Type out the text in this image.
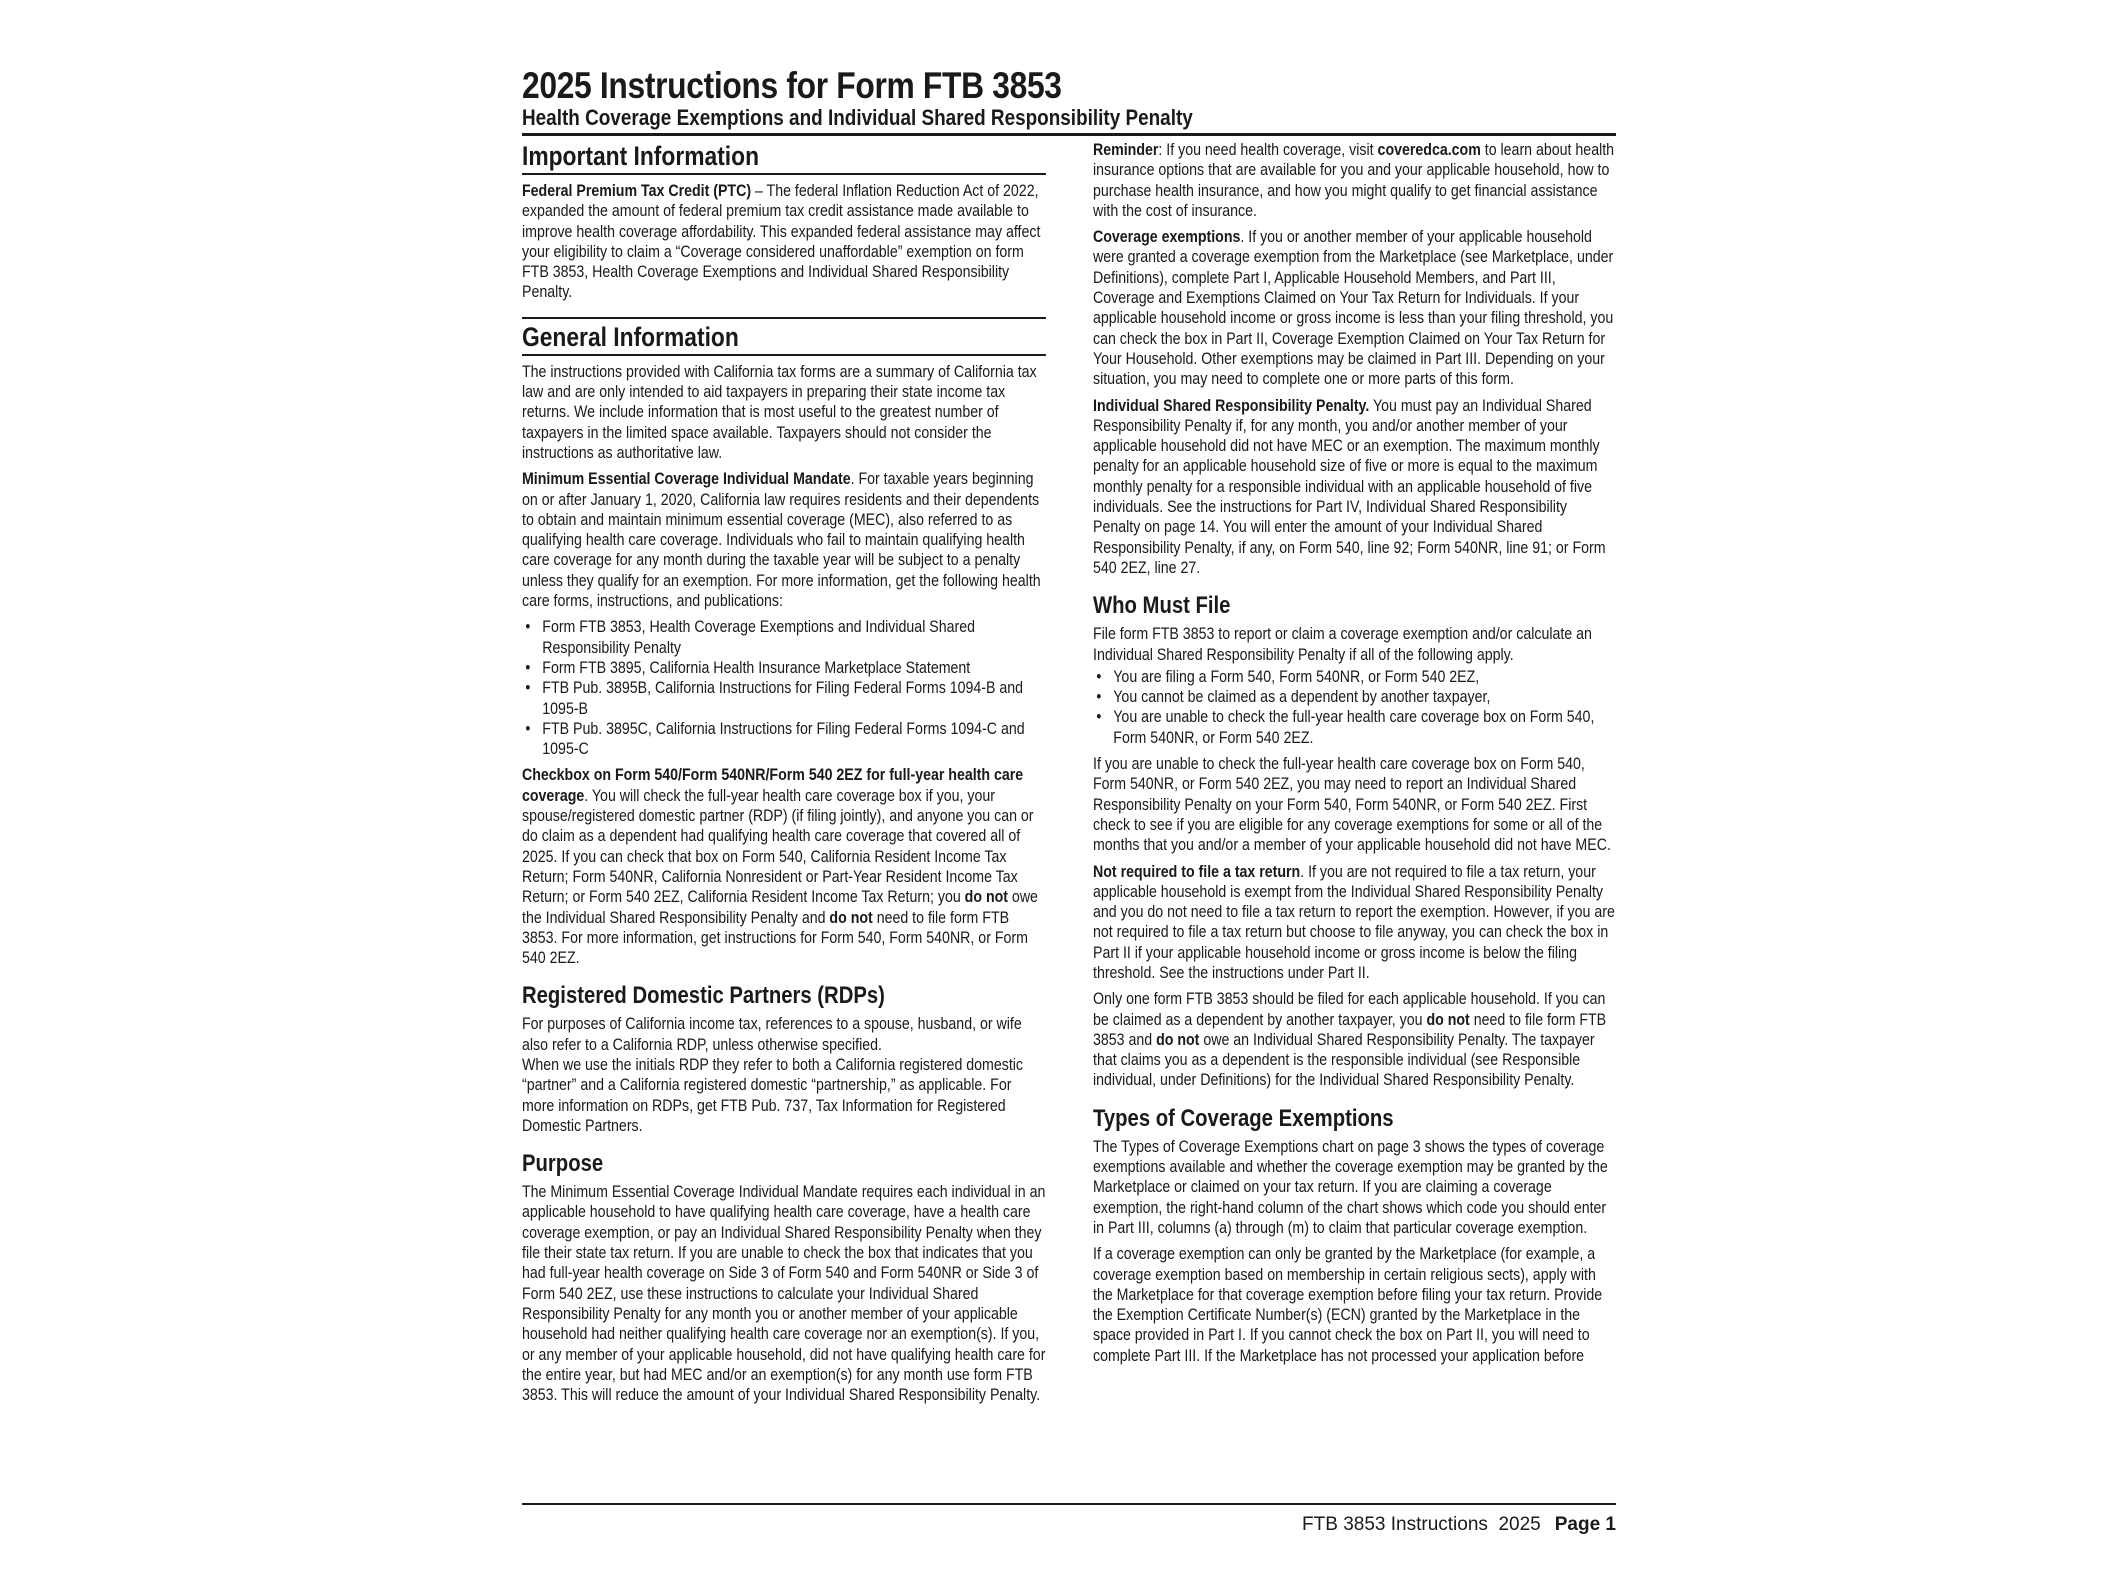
2025 Instructions for Form FTB 3853
Health Coverage Exemptions and Individual Shared Responsibility Penalty
Important Information

Federal Premium Tax Credit (PTC) – The federal Inflation Reduction Act of 2022, expanded the amount of federal premium tax credit assistance made available to improve health coverage affordability. This expanded federal assistance may affect your eligibility to claim a “Coverage considered unaffordable” exemption on form FTB 3853, Health Coverage Exemptions and Individual Shared Responsibility Penalty.

General Information

The instructions provided with California tax forms are a summary of California tax law and are only intended to aid taxpayers in preparing their state income tax returns. We include information that is most useful to the greatest number of taxpayers in the limited space available. Taxpayers should not consider the instructions as authoritative law.

Minimum Essential Coverage Individual Mandate. For taxable years beginning on or after January 1, 2020, California law requires residents and their dependents to obtain and maintain minimum essential coverage (MEC), also referred to as qualifying health care coverage. Individuals who fail to maintain qualifying health care coverage for any month during the taxable year will be subject to a penalty unless they qualify for an exemption. For more information, get the following health care forms, instructions, and publications:

• Form FTB 3853, Health Coverage Exemptions and Individual Shared Responsibility Penalty
• Form FTB 3895, California Health Insurance Marketplace Statement
• FTB Pub. 3895B, California Instructions for Filing Federal Forms 1094-B and 1095-B
• FTB Pub. 3895C, California Instructions for Filing Federal Forms 1094-C and 1095-C

Checkbox on Form 540/Form 540NR/Form 540 2EZ for full-year health care coverage. You will check the full-year health care coverage box if you, your spouse/registered domestic partner (RDP) (if filing jointly), and anyone you can or do claim as a dependent had qualifying health care coverage that covered all of 2025. If you can check that box on Form 540, California Resident Income Tax Return; Form 540NR, California Nonresident or Part-Year Resident Income Tax Return; or Form 540 2EZ, California Resident Income Tax Return; you do not owe the Individual Shared Responsibility Penalty and do not need to file form FTB 3853. For more information, get instructions for Form 540, Form 540NR, or Form 540 2EZ.

Registered Domestic Partners (RDPs)

For purposes of California income tax, references to a spouse, husband, or wife also refer to a California RDP, unless otherwise specified.

When we use the initials RDP they refer to both a California registered domestic “partner” and a California registered domestic “partnership,” as applicable. For more information on RDPs, get FTB Pub. 737, Tax Information for Registered Domestic Partners.

Purpose

The Minimum Essential Coverage Individual Mandate requires each individual in an applicable household to have qualifying health care coverage, have a health care coverage exemption, or pay an Individual Shared Responsibility Penalty when they file their state tax return. If you are unable to check the box that indicates that you had full-year health coverage on Side 3 of Form 540 and Form 540NR or Side 3 of Form 540 2EZ, use these instructions to calculate your Individual Shared Responsibility Penalty for any month you or another member of your applicable household had neither qualifying health care coverage nor an exemption(s). If you, or any member of your applicable household, did not have qualifying health care for the entire year, but had MEC and/or an exemption(s) for any month use form FTB 3853. This will reduce the amount of your Individual Shared Responsibility Penalty.

Reminder: If you need health coverage, visit coveredca.com to learn about health insurance options that are available for you and your applicable household, how to purchase health insurance, and how you might qualify to get financial assistance with the cost of insurance.

Coverage exemptions. If you or another member of your applicable household were granted a coverage exemption from the Marketplace (see Marketplace, under Definitions), complete Part I, Applicable Household Members, and Part III, Coverage and Exemptions Claimed on Your Tax Return for Individuals. If your applicable household income or gross income is less than your filing threshold, you can check the box in Part II, Coverage Exemption Claimed on Your Tax Return for Your Household. Other exemptions may be claimed in Part III. Depending on your situation, you may need to complete one or more parts of this form.

Individual Shared Responsibility Penalty. You must pay an Individual Shared Responsibility Penalty if, for any month, you and/or another member of your applicable household did not have MEC or an exemption. The maximum monthly penalty for an applicable household size of five or more is equal to the maximum monthly penalty for a responsible individual with an applicable household of five individuals. See the instructions for Part IV, Individual Shared Responsibility Penalty on page 14. You will enter the amount of your Individual Shared Responsibility Penalty, if any, on Form 540, line 92; Form 540NR, line 91; or Form 540 2EZ, line 27.

Who Must File

File form FTB 3853 to report or claim a coverage exemption and/or calculate an Individual Shared Responsibility Penalty if all of the following apply.

• You are filing a Form 540, Form 540NR, or Form 540 2EZ,
• You cannot be claimed as a dependent by another taxpayer,
• You are unable to check the full-year health care coverage box on Form 540, Form 540NR, or Form 540 2EZ.

If you are unable to check the full-year health care coverage box on Form 540, Form 540NR, or Form 540 2EZ, you may need to report an Individual Shared Responsibility Penalty on your Form 540, Form 540NR, or Form 540 2EZ. First check to see if you are eligible for any coverage exemptions for some or all of the months that you and/or a member of your applicable household did not have MEC.

Not required to file a tax return. If you are not required to file a tax return, your applicable household is exempt from the Individual Shared Responsibility Penalty and you do not need to file a tax return to report the exemption. However, if you are not required to file a tax return but choose to file anyway, you can check the box in Part II if your applicable household income or gross income is below the filing threshold. See the instructions under Part II.

Only one form FTB 3853 should be filed for each applicable household. If you can be claimed as a dependent by another taxpayer, you do not need to file form FTB 3853 and do not owe an Individual Shared Responsibility Penalty. The taxpayer that claims you as a dependent is the responsible individual (see Responsible individual, under Definitions) for the Individual Shared Responsibility Penalty.

Types of Coverage Exemptions

The Types of Coverage Exemptions chart on page 3 shows the types of coverage exemptions available and whether the coverage exemption may be granted by the Marketplace or claimed on your tax return. If you are claiming a coverage exemption, the right-hand column of the chart shows which code you should enter in Part III, columns (a) through (m) to claim that particular coverage exemption.

If a coverage exemption can only be granted by the Marketplace (for example, a coverage exemption based on membership in certain religious sects), apply with the Marketplace for that coverage exemption before filing your tax return. Provide the Exemption Certificate Number(s) (ECN) granted by the Marketplace in the space provided in Part I. If you cannot check the box on Part II, you will need to complete Part III. If the Marketplace has not processed your application before

FTB 3853 Instructions  2025 Page 1
